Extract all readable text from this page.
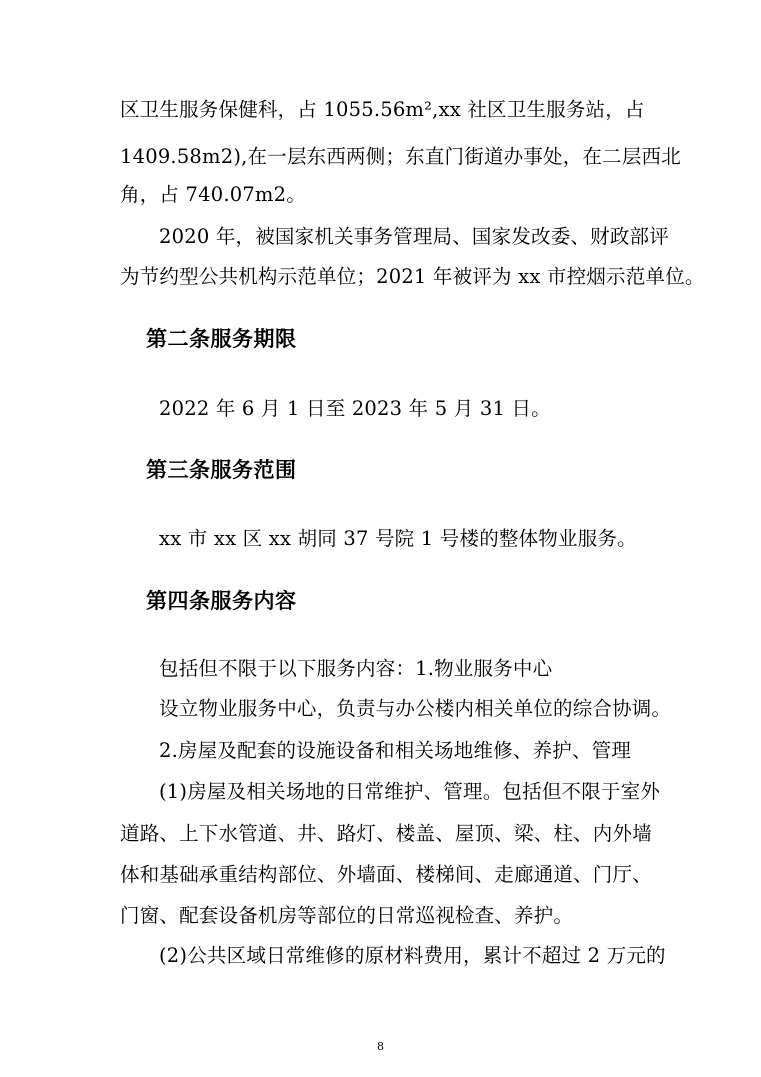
区卫生服务保健科，占 1055.56m²,xx 社区卫生服务站，占
1409.58m2),在一层东西两侧；东直门街道办事处，在二层西北
角，占 740.07m2。
2020 年，被国家机关事务管理局、国家发改委、财政部评
为节约型公共机构示范单位；2021 年被评为 xx 市控烟示范单位。
第二条服务期限
2022 年 6 月 1 日至 2023 年 5 月 31 日。
第三条服务范围
xx 市 xx 区 xx 胡同 37 号院 1 号楼的整体物业服务。
第四条服务内容
包括但不限于以下服务内容：1.物业服务中心
设立物业服务中心，负责与办公楼内相关单位的综合协调。
2.房屋及配套的设施设备和相关场地维修、养护、管理
(1)房屋及相关场地的日常维护、管理。包括但不限于室外
道路、上下水管道、井、路灯、楼盖、屋顶、梁、柱、内外墙
体和基础承重结构部位、外墙面、楼梯间、走廊通道、门厅、
门窗、配套设备机房等部位的日常巡视检查、养护。
(2)公共区域日常维修的原材料费用，累计不超过 2 万元的
8
